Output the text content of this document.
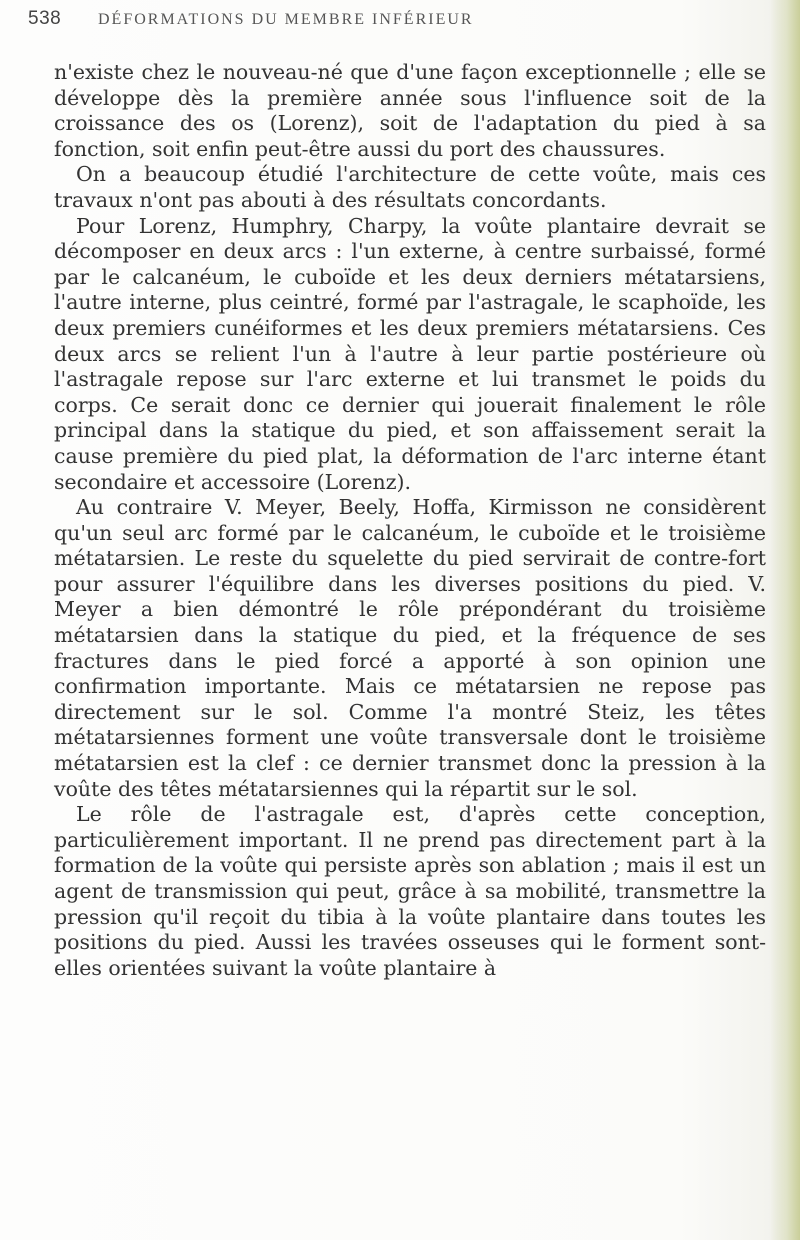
538 DÉFORMATIONS DU MEMBRE INFÉRIEUR

n'existe chez le nouveau-né que d'une façon exceptionnelle ; elle se développe dès la première année sous l'influence soit de la croissance des os (Lorenz), soit de l'adaptation du pied à sa fonction, soit enfin peut-être aussi du port des chaussures.

On a beaucoup étudié l'architecture de cette voûte, mais ces travaux n'ont pas abouti à des résultats concordants.

Pour Lorenz, Humphry, Charpy, la voûte plantaire devrait se décomposer en deux arcs : l'un externe, à centre surbaissé, formé par le calcanéum, le cuboïde et les deux derniers métatarsiens, l'autre interne, plus ceintré, formé par l'astragale, le scaphoïde, les deux premiers cunéiformes et les deux premiers métatarsiens. Ces deux arcs se relient l'un à l'autre à leur partie postérieure où l'astragale repose sur l'arc externe et lui transmet le poids du corps. Ce serait donc ce dernier qui jouerait finalement le rôle principal dans la statique du pied, et son affaissement serait la cause première du pied plat, la déformation de l'arc interne étant secondaire et accessoire (Lorenz).

Au contraire V. Meyer, Beely, Hoffa, Kirmisson ne considèrent qu'un seul arc formé par le calcanéum, le cuboïde et le troisième métatarsien. Le reste du squelette du pied servirait de contre-fort pour assurer l'équilibre dans les diverses positions du pied. V. Meyer a bien démontré le rôle prépondérant du troisième métatarsien dans la statique du pied, et la fréquence de ses fractures dans le pied forcé a apporté à son opinion une confirmation importante. Mais ce métatarsien ne repose pas directement sur le sol. Comme l'a montré Steiz, les têtes métatarsiennes forment une voûte transversale dont le troisième métatarsien est la clef : ce dernier transmet donc la pression à la voûte des têtes métatarsiennes qui la répartit sur le sol.

Le rôle de l'astragale est, d'après cette conception, particulièrement important. Il ne prend pas directement part à la formation de la voûte qui persiste après son ablation ; mais il est un agent de transmission qui peut, grâce à sa mobilité, transmettre la pression qu'il reçoit du tibia à la voûte plantaire dans toutes les positions du pied. Aussi les travées osseuses qui le forment sont-elles orientées suivant la voûte plantaire à
